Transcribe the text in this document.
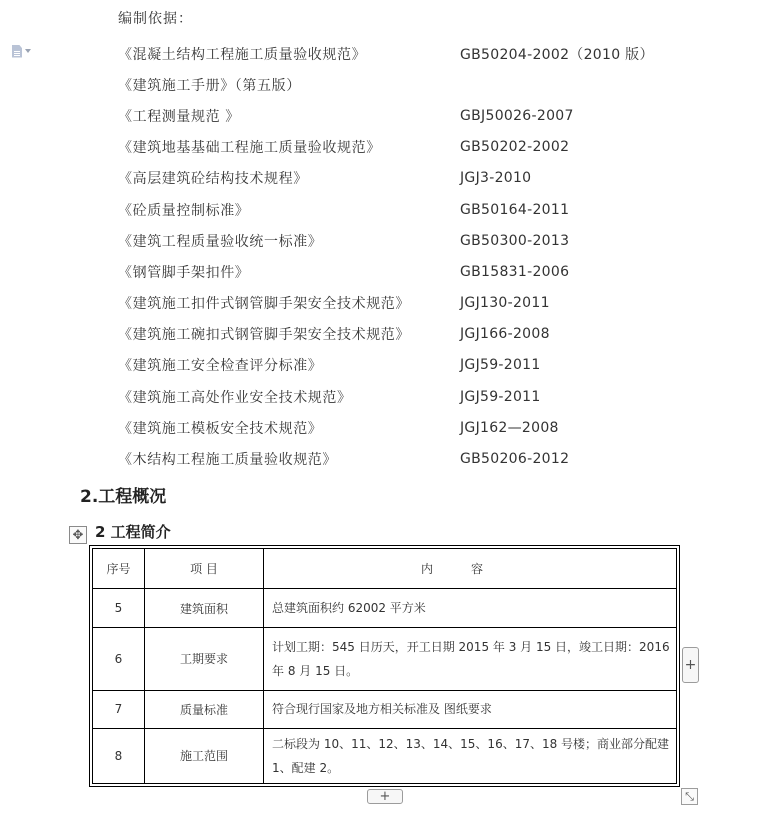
编制依据：
《混凝土结构工程施工质量验收规范》	GB50204-2002（2010 版）
《建筑施工手册》（第五版）
《工程测量规范 》	GBJ50026-2007
《建筑地基基础工程施工质量验收规范》	GB50202-2002
《高层建筑砼结构技术规程》	JGJ3-2010
《砼质量控制标准》	GB50164-2011
《建筑工程质量验收统一标准》	GB50300-2013
《钢管脚手架扣件》	GB15831-2006
《建筑施工扣件式钢管脚手架安全技术规范》	JGJ130-2011
《建筑施工碗扣式钢管脚手架安全技术规范》	JGJ166-2008
《建筑施工安全检查评分标准》	JGJ59-2011
《建筑施工高处作业安全技术规范》	JGJ59-2011
《建筑施工模板安全技术规范》	JGJ162—2008
《木结构工程施工质量验收规范》	GB50206-2012
2.工程概况
✥ 2 工程简介
序号	项 目	内容
5	建筑面积	总建筑面积约 62002 平方米
6	工期要求	计划工期：545 日历天，开工日期 2015 年 3 月 15 日，竣工日期：2016 年 8 月 15 日。
7	质量标准	符合现行国家及地方相关标准及 图纸要求
8	施工范围	二标段为 10、11、12、13、14、15、16、17、18 号楼；商业部分配建 1、配建 2。
+
+	⤡
